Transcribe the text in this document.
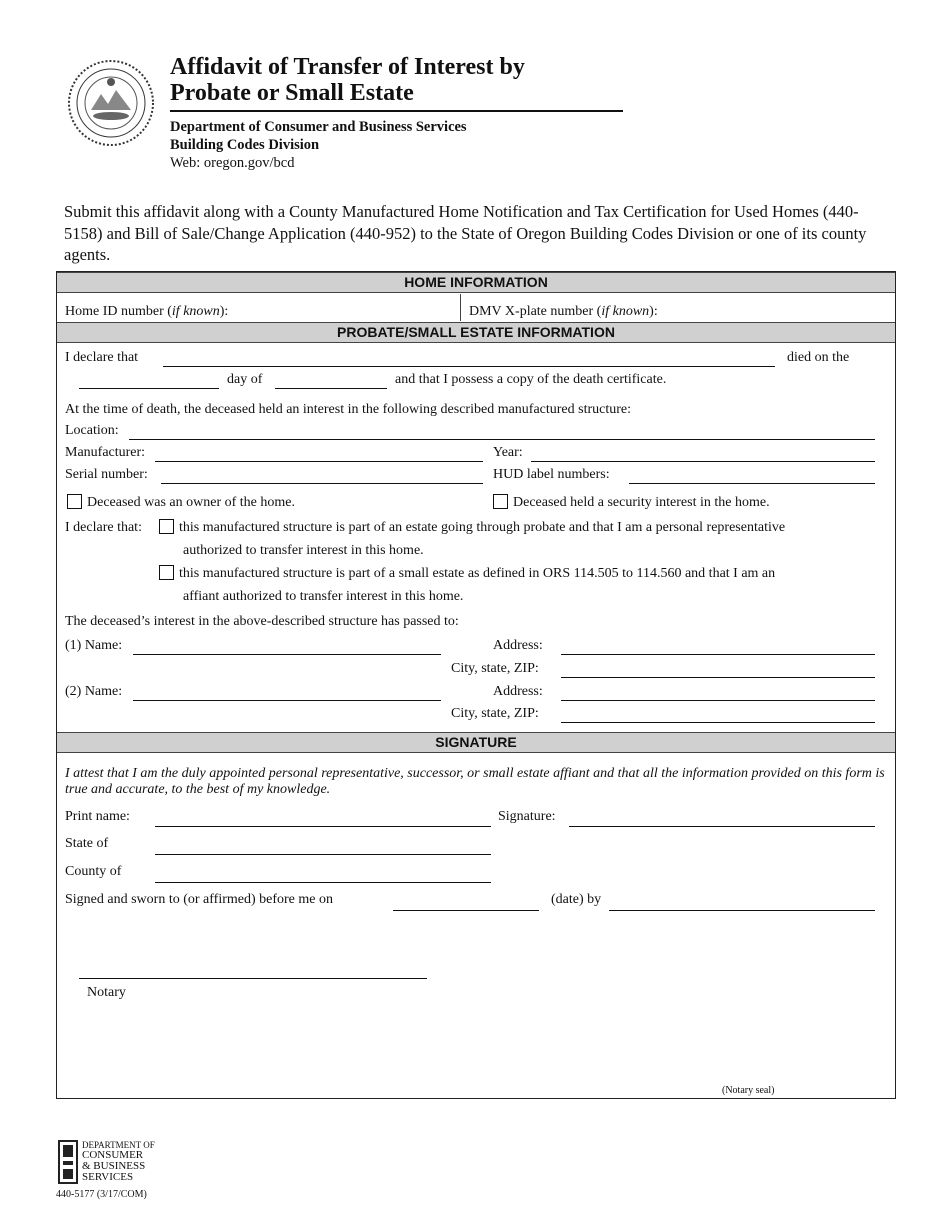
Affidavit of Transfer of Interest by
Probate or Small Estate
Department of Consumer and Business Services
Building Codes Division
Web: oregon.gov/bcd
Submit this affidavit along with a County Manufactured Home Notification and Tax Certification for Used Homes (440-5158) and Bill of Sale/Change Application (440-952) to the State of Oregon Building Codes Division or one of its county agents.
HOME INFORMATION
Home ID number (if known):	DMV X-plate number (if known):
PROBATE/SMALL ESTATE INFORMATION
I declare that	died on the
day of	and that I possess a copy of the death certificate.
At the time of death, the deceased held an interest in the following described manufactured structure:
Location:
Manufacturer:	Year:
Serial number:	HUD label numbers:
Deceased was an owner of the home.	Deceased held a security interest in the home.
I declare that:	this manufactured structure is part of an estate going through probate and that I am a personal representative
authorized to transfer interest in this home.
this manufactured structure is part of a small estate as defined in ORS 114.505 to 114.560 and that I am an
affiant authorized to transfer interest in this home.
The deceased’s interest in the above-described structure has passed to:
(1) Name:	Address:
City, state, ZIP:
(2) Name:	Address:
City, state, ZIP:
SIGNATURE
I attest that I am the duly appointed personal representative, successor, or small estate affiant and that all the information provided on this form is true and accurate, to the best of my knowledge.
Print name:	Signature:
State of
County of
Signed and sworn to (or affirmed) before me on	(date) by
Notary
(Notary seal)
DEPARTMENT OF
CONSUMER
& BUSINESS
SERVICES
440-5177 (3/17/COM)
